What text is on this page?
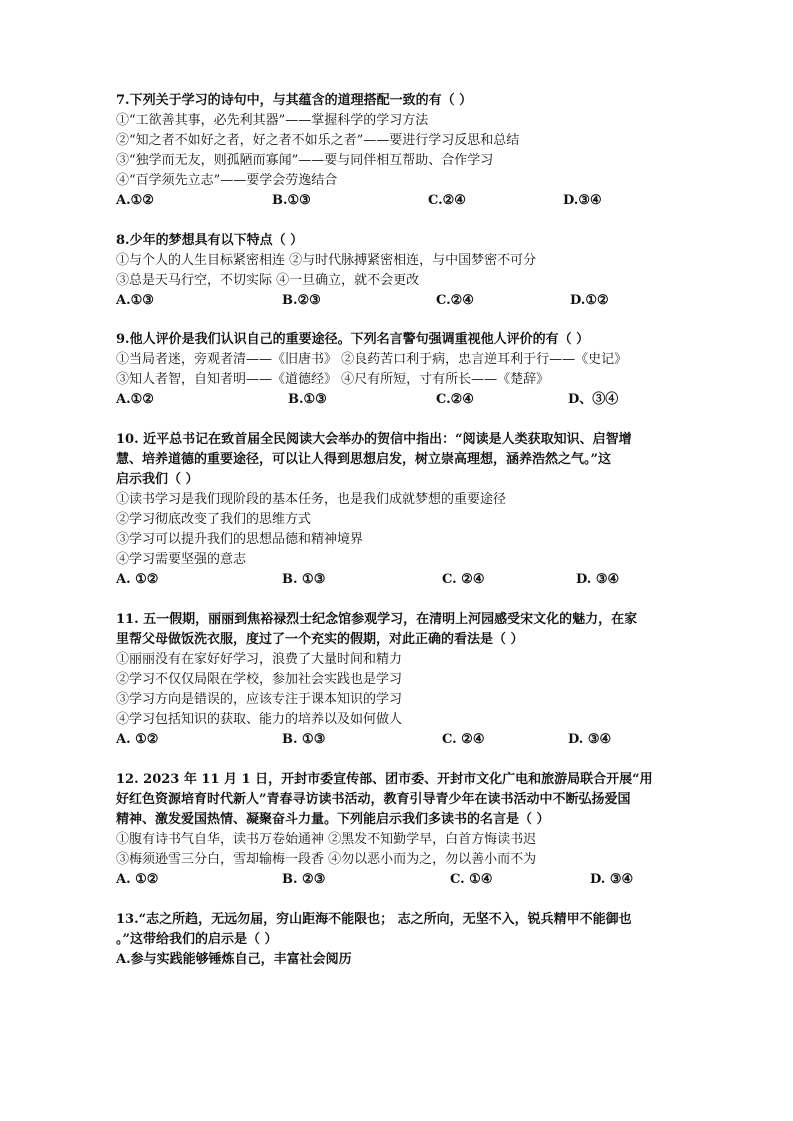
7.下列关于学习的诗句中，与其蕴含的道理搭配一致的有（ ）
①“工欲善其事，必先利其器”——掌握科学的学习方法
②“知之者不如好之者，好之者不如乐之者”——要进行学习反思和总结
③“独学而无友，则孤陋而寡闻”——要与同伴相互帮助、合作学习
④“百学须先立志”——要学会劳逸结合
A.①②	B.①③	C.②④	D.③④
8.少年的梦想具有以下特点（ ）
①与个人的人生目标紧密相连 ②与时代脉搏紧密相连，与中国梦密不可分
③总是天马行空，不切实际 ④一旦确立，就不会更改
A.①③	B.②③	C.②④	D.①②
9.他人评价是我们认识自己的重要途径。下列名言警句强调重视他人评价的有（ ）
①当局者迷，旁观者清——《旧唐书》 ②良药苦口利于病，忠言逆耳利于行——《史记》
③知人者智，自知者明——《道德经》 ④尺有所短，寸有所长——《楚辞》
A.①②	B.①③	C.②④	D、③④
10. 近平总书记在致首届全民阅读大会举办的贺信中指出：“阅读是人类获取知识、启智增
慧、培养道德的重要途径，可以让人得到思想启发，树立崇高理想，涵养浩然之气。”这
启示我们（ ）
①读书学习是我们现阶段的基本任务，也是我们成就梦想的重要途径
②学习彻底改变了我们的思维方式
③学习可以提升我们的思想品德和精神境界
④学习需要坚强的意志
A. ①②	B. ①③	C. ②④	D. ③④
11. 五一假期，丽丽到焦裕禄烈士纪念馆参观学习，在清明上河园感受宋文化的魅力，在家
里帮父母做饭洗衣服，度过了一个充实的假期，对此正确的看法是（ ）
①丽丽没有在家好好学习，浪费了大量时间和精力
②学习不仅仅局限在学校，参加社会实践也是学习
③学习方向是错误的，应该专注于课本知识的学习
④学习包括知识的获取、能力的培养以及如何做人
A. ①②	B. ①③	C. ②④	D. ③④
12. 2023 年 11 月 1 日，开封市委宣传部、团市委、开封市文化广电和旅游局联合开展“用
好红色资源培育时代新人”青春寻访读书活动，教育引导青少年在读书活动中不断弘扬爱国
精神、激发爱国热情、凝聚奋斗力量。下列能启示我们多读书的名言是（ ）
①腹有诗书气自华，读书万卷始通神 ②黑发不知勤学早，白首方悔读书迟
③梅须逊雪三分白，雪却输梅一段香 ④勿以恶小而为之，勿以善小而不为
A. ①②	B. ②③	C. ①④	D. ③④
13.“志之所趋，无远勿届，穷山距海不能限也； 志之所向，无坚不入，锐兵精甲不能御也
。”这带给我们的启示是（ ）
A.参与实践能够锤炼自己，丰富社会阅历
